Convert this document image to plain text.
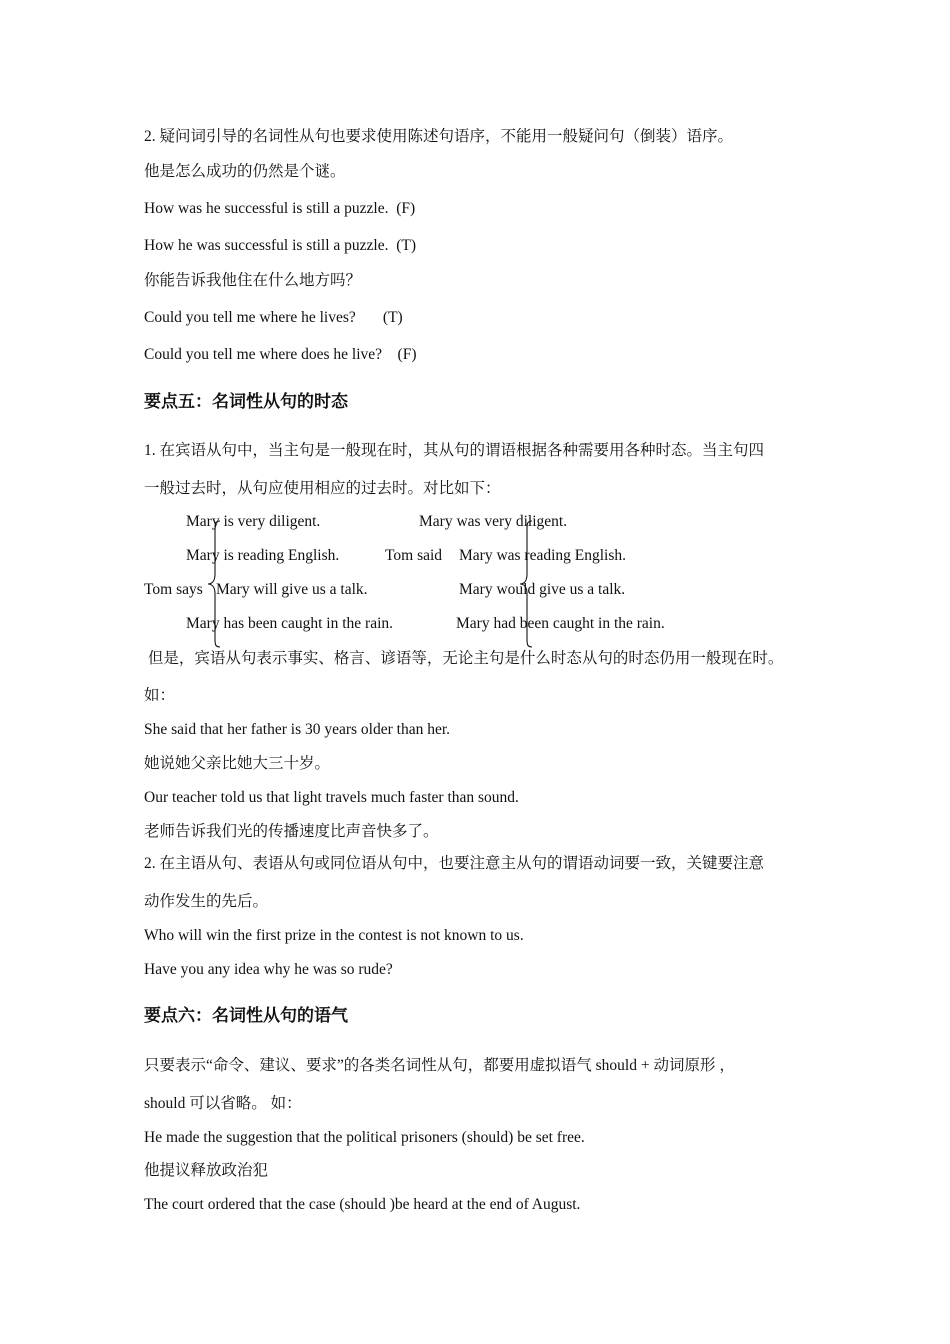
2. 疑问词引导的名词性从句也要求使用陈述句语序，不能用一般疑问句（倒装）语序。
他是怎么成功的仍然是个谜。
How was he successful is still a puzzle.  (F)
How he was successful is still a puzzle.  (T)
你能告诉我他住在什么地方吗？
Could you tell me where he lives?       (T)
Could you tell me where does he live?    (F)
要点五：名词性从句的时态
1. 在宾语从句中，当主句是一般现在时，其从句的谓语根据各种需要用各种时态。当主句四
一般过去时，从句应使用相应的过去时。对比如下：
Mary is very diligent.
Mary is reading English.
Tom says Mary will give us a talk.
Mary has been caught in the rain.
Mary was very diligent.
Tom said Mary was reading English.
Mary would give us a talk.
Mary had been caught in the rain.
但是，宾语从句表示事实、格言、谚语等，无论主句是什么时态从句的时态仍用一般现在时。
如：
She said that her father is 30 years older than her.
她说她父亲比她大三十岁。
Our teacher told us that light travels much faster than sound.
老师告诉我们光的传播速度比声音快多了。
2. 在主语从句、表语从句或同位语从句中，也要注意主从句的谓语动词要一致，关键要注意
动作发生的先后。
Who will win the first prize in the contest is not known to us.
Have you any idea why he was so rude?
要点六：名词性从句的语气
只要表示“命令、建议、要求”的各类名词性从句，都要用虚拟语气 should + 动词原形 ，
should 可以省略。 如：
He made the suggestion that the political prisoners (should) be set free.
他提议释放政治犯
The court ordered that the case (should )be heard at the end of August.
